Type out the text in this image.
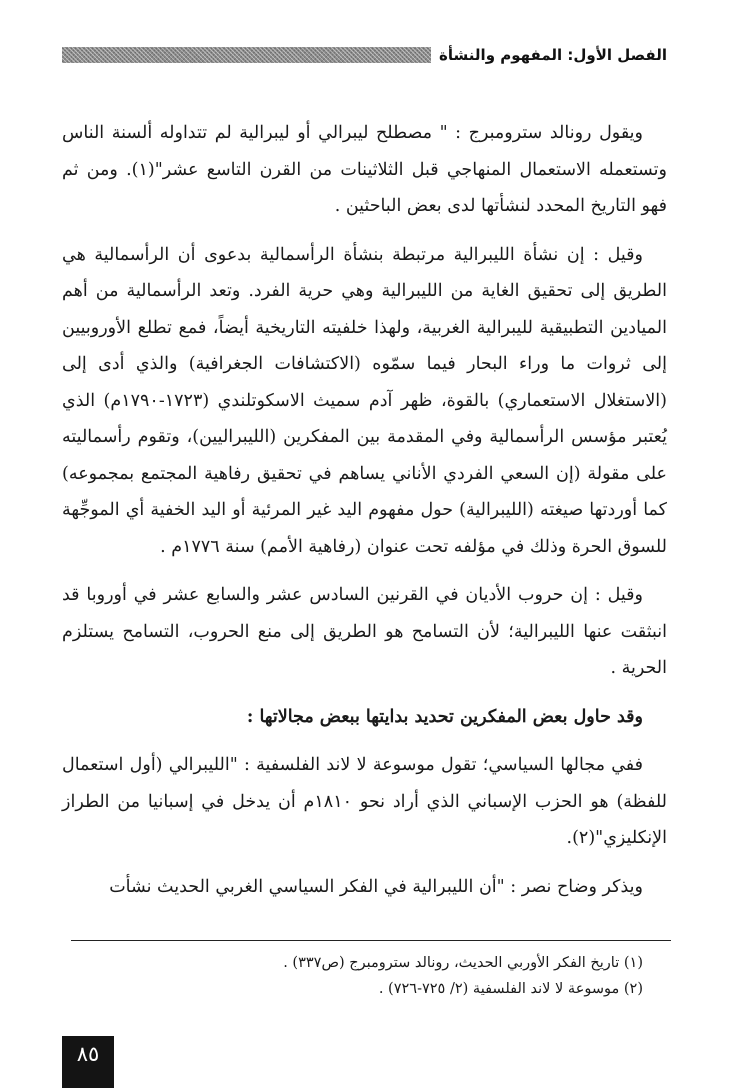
الفصل الأول: المفهوم والنشأة

ويقول رونالد سترومبرج : " مصطلح ليبرالي أو ليبرالية لم تتداوله ألسنة الناس وتستعمله الاستعمال المنهاجي قبل الثلاثينات من القرن التاسع عشر"(١). ومن ثم فهو التاريخ المحدد لنشأتها لدى بعض الباحثين .

وقيل : إن نشأة الليبرالية مرتبطة بنشأة الرأسمالية بدعوى أن الرأسمالية هي الطريق إلى تحقيق الغاية من الليبرالية وهي حرية الفرد. وتعد الرأسمالية من أهم الميادين التطبيقية لليبرالية الغربية، ولهذا خلفيته التاريخية أيضاً، فمع تطلع الأوروبيين إلى ثروات ما وراء البحار فيما سمّوه (الاكتشافات الجغرافية) والذي أدى إلى (الاستغلال الاستعماري) بالقوة، ظهر آدم سميث الاسكوتلندي (١٧٢٣-١٧٩٠م) الذي يُعتبر مؤسس الرأسمالية وفي المقدمة بين المفكرين (الليبراليين)، وتقوم رأسماليته على مقولة (إن السعي الفردي الأناني يساهم في تحقيق رفاهية المجتمع بمجموعه) كما أوردتها صيغته (الليبرالية) حول مفهوم اليد غير المرئية أو اليد الخفية أي الموجِّهة للسوق الحرة وذلك في مؤلفه تحت عنوان (رفاهية الأمم) سنة ١٧٧٦م .

وقيل : إن حروب الأديان في القرنين السادس عشر والسابع عشر في أوروبا قد انبثقت عنها الليبرالية؛ لأن التسامح هو الطريق إلى منع الحروب، التسامح يستلزم الحرية .

وقد حاول بعض المفكرين تحديد بدايتها ببعض مجالاتها :

ففي مجالها السياسي؛ تقول موسوعة لا لاند الفلسفية : "الليبرالي (أول استعمال للفظة) هو الحزب الإسباني الذي أراد نحو ١٨١٠م أن يدخل في إسبانيا من الطراز الإنكليزي"(٢).

ويذكر وضاح نصر : "أن الليبرالية في الفكر السياسي الغربي الحديث نشأت

(١) تاريخ الفكر الأوربي الحديث، رونالد سترومبرج (ص٣٣٧) .
(٢) موسوعة لا لاند الفلسفية (٢/ ٧٢٥-٧٢٦) .
٨٥
